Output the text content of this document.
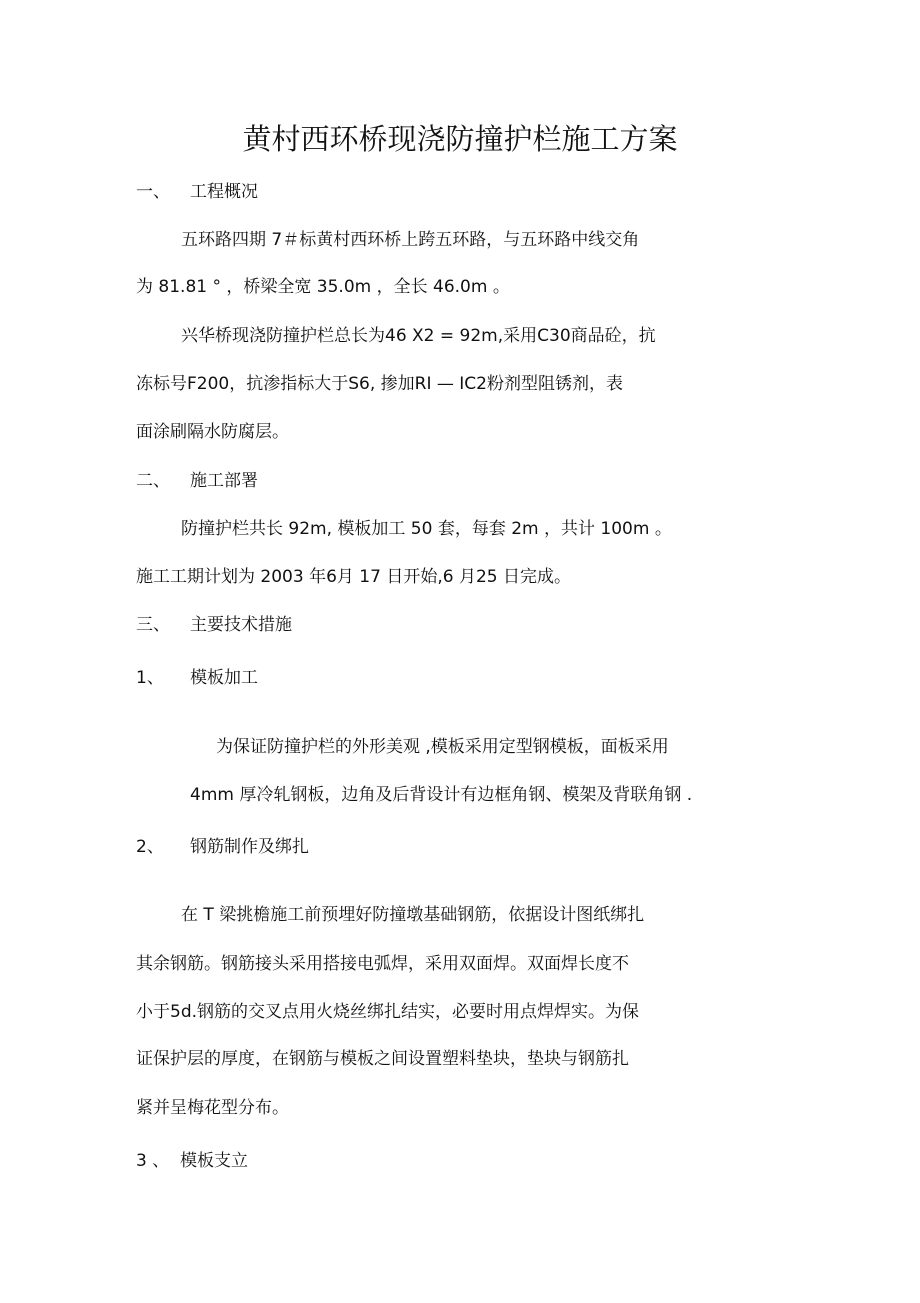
黄村西环桥现浇防撞护栏施工方案
一、 工程概况
五环路四期 7＃标黄村西环桥上跨五环路，与五环路中线交角
为 81.81 ° ，桥梁全宽 35.0m ，全长 46.0m 。
兴华桥现浇防撞护栏总长为46 X2 = 92m,采用C30商品砼，抗
冻标号F200，抗渗指标大于S6, 掺加RI — IC2粉剂型阻锈剂，表
面涂刷隔水防腐层。
二、 施工部署
防撞护栏共长 92m, 模板加工 50 套，每套 2m ，共计 100m 。
施工工期计划为 2003 年6月 17 日开始,6 月25 日完成。
三、 主要技术措施
1、 模板加工
为保证防撞护栏的外形美观 ,模板采用定型钢模板，面板采用
4mm 厚冷轧钢板，边角及后背设计有边框角钢、模架及背联角钢 .
2、 钢筋制作及绑扎
在 T 梁挑檐施工前预埋好防撞墩基础钢筋，依据设计图纸绑扎
其余钢筋。钢筋接头采用搭接电弧焊，采用双面焊。双面焊长度不
小于5d.钢筋的交叉点用火烧丝绑扎结实，必要时用点焊焊实。为保
证保护层的厚度，在钢筋与模板之间设置塑料垫块，垫块与钢筋扎
紧并呈梅花型分布。
3 、 模板支立
